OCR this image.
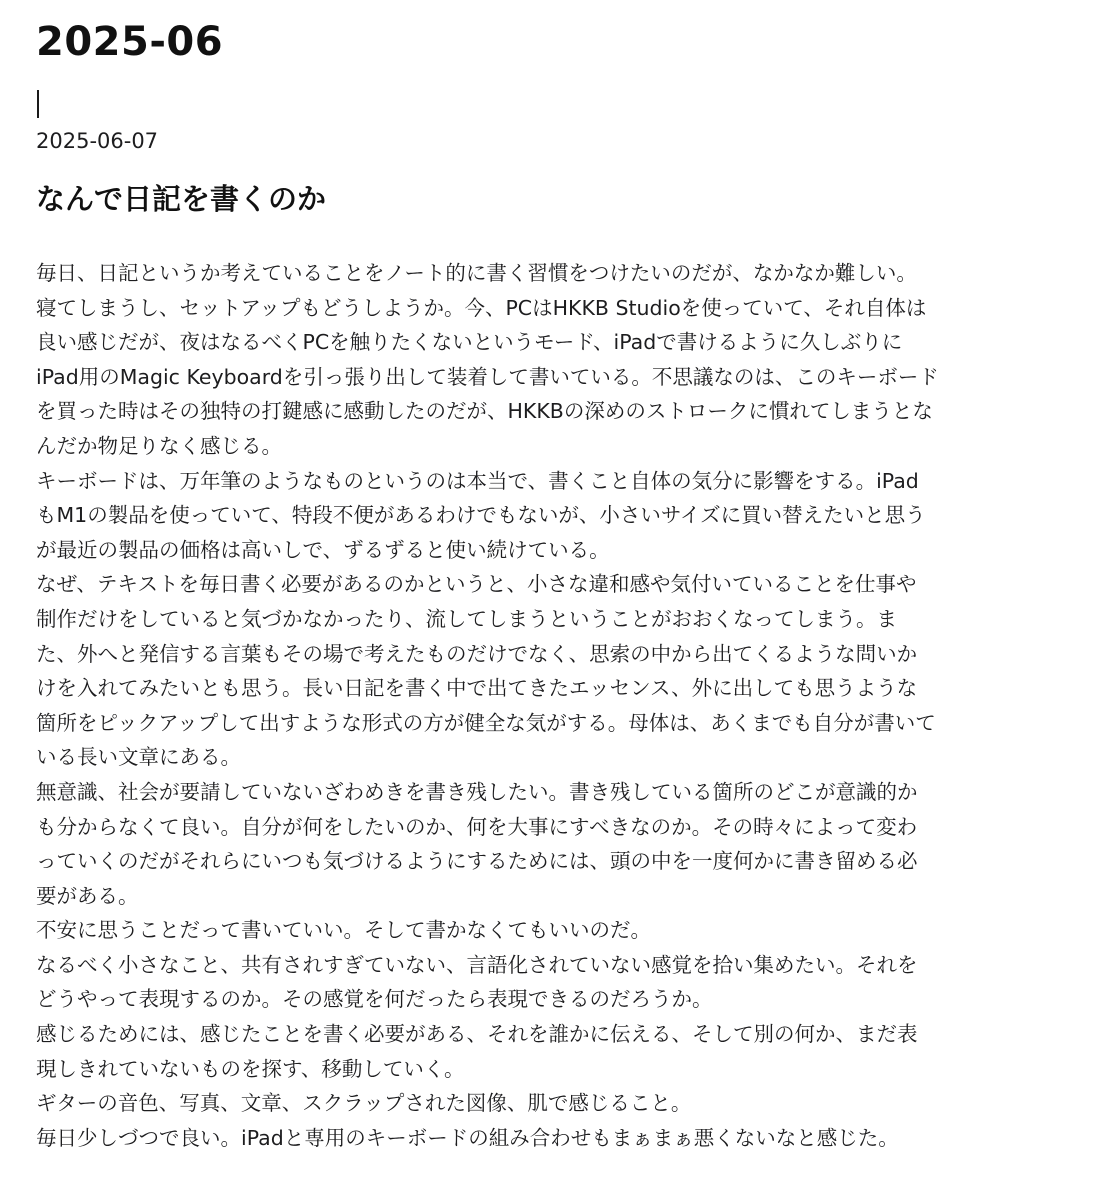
2025-06

2025-06-07

なんで日記を書くのか
毎日、日記というか考えていることをノート的に書く習慣をつけたいのだが、なかなか難しい。
寝てしまうし、セットアップもどうしようか。今、PCはHKKB Studioを使っていて、それ自体は
良い感じだが、夜はなるべくPCを触りたくないというモード、iPadで書けるように久しぶりに
iPad用のMagic Keyboardを引っ張り出して装着して書いている。不思議なのは、このキーボード
を買った時はその独特の打鍵感に感動したのだが、HKKBの深めのストロークに慣れてしまうとな
んだか物足りなく感じる。
キーボードは、万年筆のようなものというのは本当で、書くこと自体の気分に影響をする。iPad
もM1の製品を使っていて、特段不便があるわけでもないが、小さいサイズに買い替えたいと思う
が最近の製品の価格は高いしで、ずるずると使い続けている。
なぜ、テキストを毎日書く必要があるのかというと、小さな違和感や気付いていることを仕事や
制作だけをしていると気づかなかったり、流してしまうということがおおくなってしまう。ま
た、外へと発信する言葉もその場で考えたものだけでなく、思索の中から出てくるような問いか
けを入れてみたいとも思う。長い日記を書く中で出てきたエッセンス、外に出しても思うような
箇所をピックアップして出すような形式の方が健全な気がする。母体は、あくまでも自分が書いて
いる長い文章にある。
無意識、社会が要請していないざわめきを書き残したい。書き残している箇所のどこが意識的か
も分からなくて良い。自分が何をしたいのか、何を大事にすべきなのか。その時々によって変わ
っていくのだがそれらにいつも気づけるようにするためには、頭の中を一度何かに書き留める必
要がある。
不安に思うことだって書いていい。そして書かなくてもいいのだ。
なるべく小さなこと、共有されすぎていない、言語化されていない感覚を拾い集めたい。それを
どうやって表現するのか。その感覚を何だったら表現できるのだろうか。
感じるためには、感じたことを書く必要がある、それを誰かに伝える、そして別の何か、まだ表
現しきれていないものを探す、移動していく。
ギターの音色、写真、文章、スクラップされた図像、肌で感じること。
毎日少しづつで良い。iPadと専用のキーボードの組み合わせもまぁまぁ悪くないなと感じた。
